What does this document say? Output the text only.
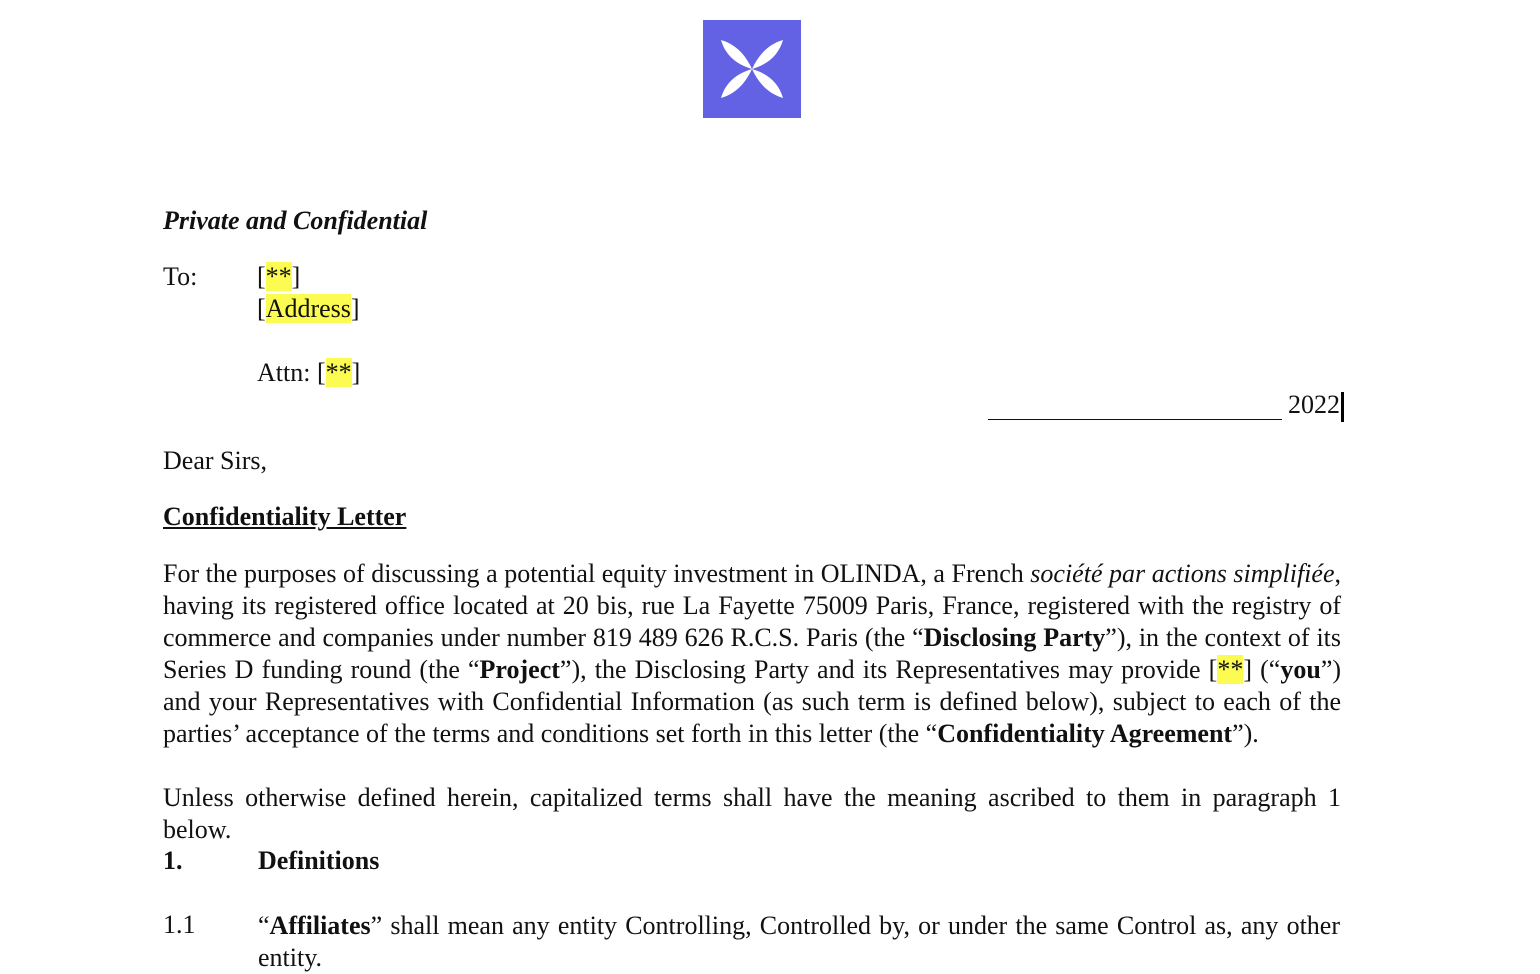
Private and Confidential
To: [**]
[Address]
Attn: [**]
2022
Dear Sirs,
Confidentiality Letter
For the purposes of discussing a potential equity investment in OLINDA, a French société par actions simplifiée, having its registered office located at 20 bis, rue La Fayette 75009 Paris, France, registered with the registry of commerce and companies under number 819 489 626 R.C.S. Paris (the “Disclosing Party”), in the context of its Series D funding round (the “Project”), the Disclosing Party and its Representatives may provide [**] (“you”) and your Representatives with Confidential Information (as such term is defined below), subject to each of the parties’ acceptance of the terms and conditions set forth in this letter (the “Confidentiality Agreement”).
Unless otherwise defined herein, capitalized terms shall have the meaning ascribed to them in paragraph 1 below.
1.	Definitions
1.1 “Affiliates” shall mean any entity Controlling, Controlled by, or under the same Control as, any other entity.
